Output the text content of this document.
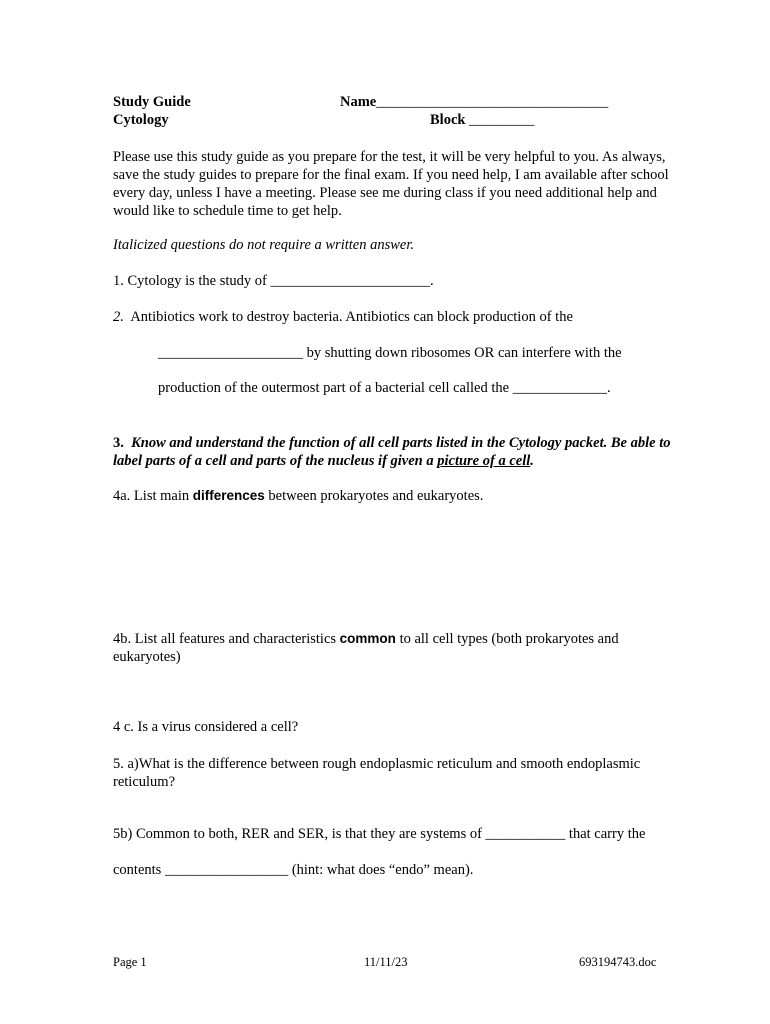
Study Guide
Cytology
Name________________________________
Block _________
Please use this study guide as you prepare for the test, it will be very helpful to you. As always, save the study guides to prepare for the final exam. If you need help, I am available after school every day, unless I have a meeting. Please see me during class if you need additional help and would like to schedule time to get help.
Italicized questions do not require a written answer.
1. Cytology is the study of ______________________.
2. Antibiotics work to destroy bacteria. Antibiotics can block production of the
____________________ by shutting down ribosomes OR can interfere with the
production of the outermost part of a bacterial cell called the _____________.
3. Know and understand the function of all cell parts listed in the Cytology packet. Be able to label parts of a cell and parts of the nucleus if given a picture of a cell.
4a. List main differences between prokaryotes and eukaryotes.
4b. List all features and characteristics common to all cell types (both prokaryotes and eukaryotes)
4 c. Is a virus considered a cell?
5. a)What is the difference between rough endoplasmic reticulum and smooth endoplasmic reticulum?
5b) Common to both, RER and SER, is that they are systems of ___________ that carry the
contents _________________ (hint: what does “endo” mean).
Page 1	11/11/23	693194743.doc
